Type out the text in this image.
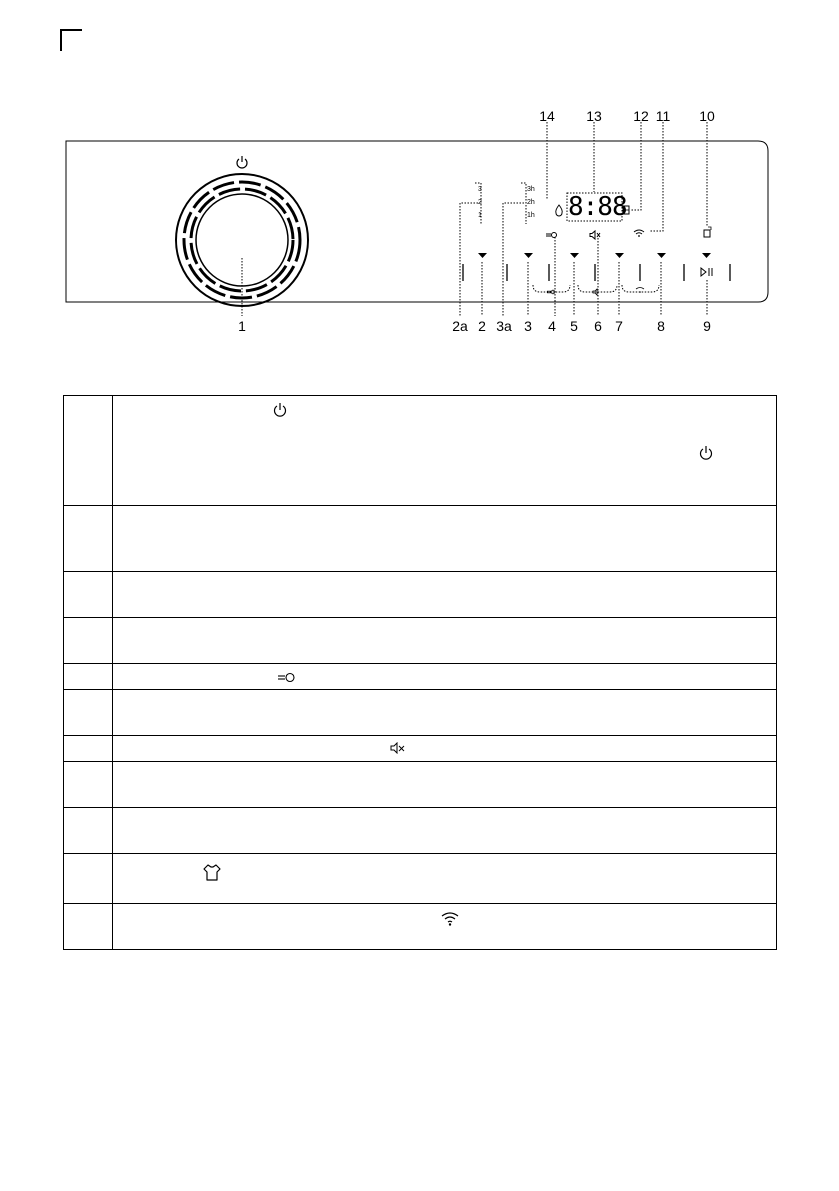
3
2
1
3h
2h
1h 8:88
14	13	12 11	10
1	2a 2 3a 3	4	5	6 7	8	9
